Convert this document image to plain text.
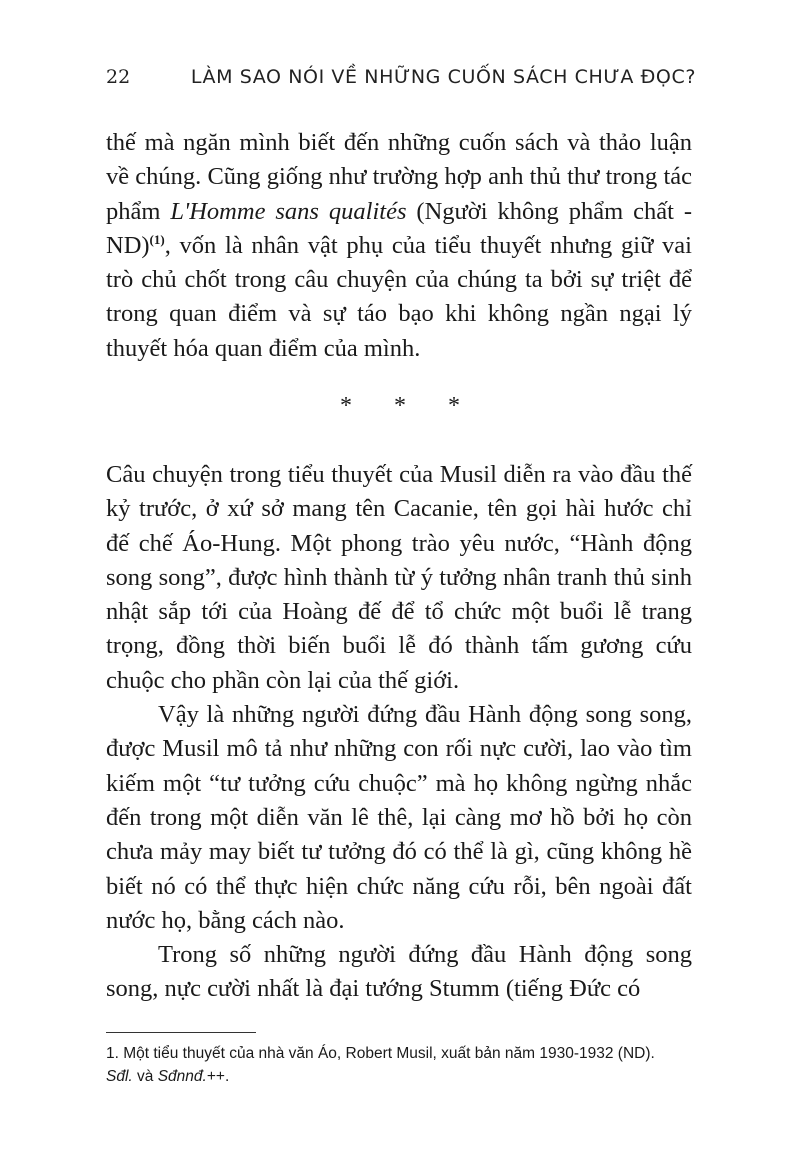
22	LÀM SAO NÓI VỀ NHỮNG CUỐN SÁCH CHƯA ĐỌC?

thế mà ngăn mình biết đến những cuốn sách và thảo luận về chúng. Cũng giống như trường hợp anh thủ thư trong tác phẩm L'Homme sans qualités (Người không phẩm chất - ND)$^{(1)}$, vốn là nhân vật phụ của tiểu thuyết nhưng giữ vai trò chủ chốt trong câu chuyện của chúng ta bởi sự triệt để trong quan điểm và sự táo bạo khi không ngần ngại lý thuyết hóa quan điểm của mình.

* * *

Câu chuyện trong tiểu thuyết của Musil diễn ra vào đầu thế kỷ trước, ở xứ sở mang tên Cacanie, tên gọi hài hước chỉ đế chế Áo-Hung. Một phong trào yêu nước, “Hành động song song”, được hình thành từ ý tưởng nhân tranh thủ sinh nhật sắp tới của Hoàng đế để tổ chức một buổi lễ trang trọng, đồng thời biến buổi lễ đó thành tấm gương cứu chuộc cho phần còn lại của thế giới.

Vậy là những người đứng đầu Hành động song song, được Musil mô tả như những con rối nực cười, lao vào tìm kiếm một “tư tưởng cứu chuộc” mà họ không ngừng nhắc đến trong một diễn văn lê thê, lại càng mơ hồ bởi họ còn chưa mảy may biết tư tưởng đó có thể là gì, cũng không hề biết nó có thể thực hiện chức năng cứu rỗi, bên ngoài đất nước họ, bằng cách nào.

Trong số những người đứng đầu Hành động song song, nực cười nhất là đại tướng Stumm (tiếng Đức có

1. Một tiểu thuyết của nhà văn Áo, Robert Musil, xuất bản năm 1930-1932 (ND).

Sđl. và Sđnnđ.++.
